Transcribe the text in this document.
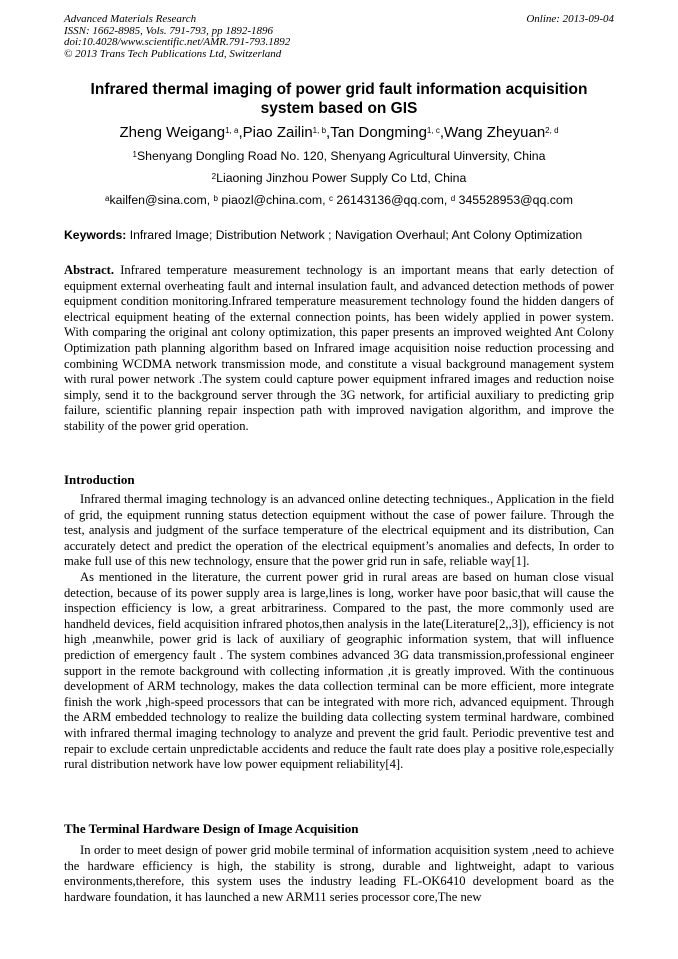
Advanced Materials Research
ISSN: 1662-8985, Vols. 791-793, pp 1892-1896
doi:10.4028/www.scientific.net/AMR.791-793.1892
© 2013 Trans Tech Publications Ltd, Switzerland
Online: 2013-09-04
Infrared thermal imaging of power grid fault information acquisition system based on GIS
Zheng Weigang$^{1, a}$,Piao Zailin$^{1, b}$,Tan Dongming$^{1, c}$,Wang Zheyuan$^{2, d}$
$^1$Shenyang Dongling Road No. 120, Shenyang Agricultural Uinversity, China
$^2$Liaoning Jinzhou Power Supply Co Ltd, China
$^a$kailfen@sina.com, $^b$ piaozl@china.com, $^c$ 26143136@qq.com, $^d$ 345528953@qq.com
Keywords: Infrared Image; Distribution Network ; Navigation Overhaul; Ant Colony Optimization
Abstract. Infrared temperature measurement technology is an important means that early detection of equipment external overheating fault and internal insulation fault, and advanced detection methods of power equipment condition monitoring.Infrared temperature measurement technology found the hidden dangers of electrical equipment heating of the external connection points, has been widely applied in power system. With comparing the original ant colony optimization, this paper presents an improved weighted Ant Colony Optimization path planning algorithm based on Infrared image acquisition noise reduction processing and combining WCDMA network transmission mode, and constitute a visual background management system with rural power network .The system could capture power equipment infrared images and reduction noise simply, send it to the background server through the 3G network, for artificial auxiliary to predicting grip failure, scientific planning repair inspection path with improved navigation algorithm, and improve the stability of the power grid operation.
Introduction

Infrared thermal imaging technology is an advanced online detecting techniques., Application in the field of grid, the equipment running status detection equipment without the case of power failure. Through the test, analysis and judgment of the surface temperature of the electrical equipment and its distribution, Can accurately detect and predict the operation of the electrical equipment’s anomalies and defects, In order to make full use of this new technology, ensure that the power grid run in safe, reliable way[1].

As mentioned in the literature, the current power grid in rural areas are based on human close visual detection, because of its power supply area is large,lines is long, worker have poor basic,that will cause the inspection efficiency is low, a great arbitrariness. Compared to the past, the more commonly used are handheld devices, field acquisition infrared photos,then analysis in the late(Literature[2,,3]), efficiency is not high ,meanwhile, power grid is lack of auxiliary of geographic information system, that will influence prediction of emergency fault . The system combines advanced 3G data transmission,professional engineer support in the remote background with collecting information ,it is greatly improved. With the continuous development of ARM technology, makes the data collection terminal can be more efficient, more integrate finish the work ,high-speed processors that can be integrated with more rich, advanced equipment. Through the ARM embedded technology to realize the building data collecting system terminal hardware, combined with infrared thermal imaging technology to analyze and prevent the grid fault. Periodic preventive test and repair to exclude certain unpredictable accidents and reduce the fault rate does play a positive role,especially rural distribution network have low power equipment reliability[4].

The Terminal Hardware Design of Image Acquisition

In order to meet design of power grid mobile terminal of information acquisition system ,need to achieve the hardware efficiency is high, the stability is strong, durable and lightweight, adapt to various environments,therefore, this system uses the industry leading FL-OK6410 development board as the hardware foundation, it has launched a new ARM11 series processor core,The new
